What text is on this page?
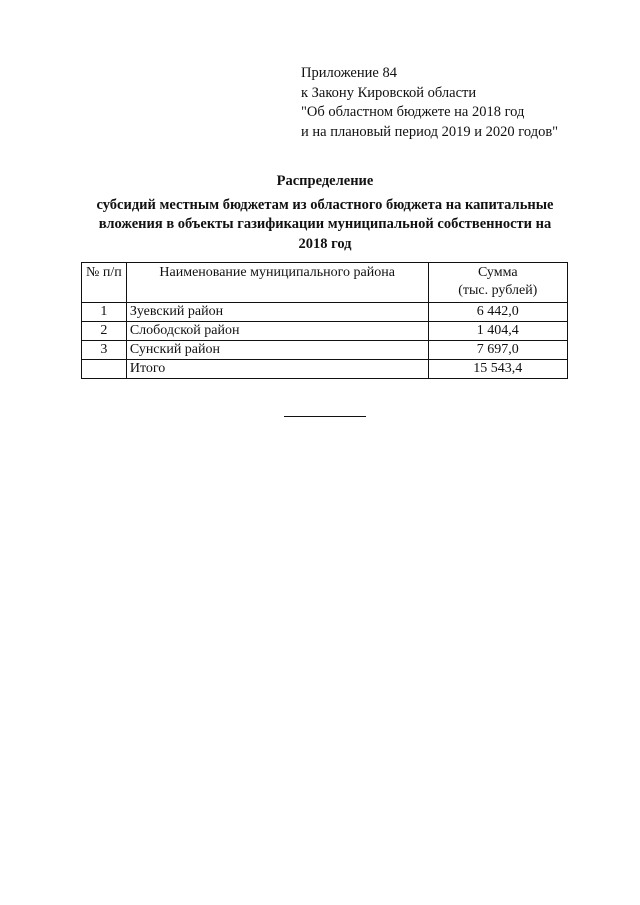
Приложение 84
к Закону Кировской области
"Об областном бюджете на 2018 год
и на плановый период 2019 и 2020 годов"
Распределение
субсидий местным бюджетам из областного бюджета на капитальные
вложения в объекты газификации муниципальной собственности на
2018 год
№ п/п	Наименование муниципального района	Сумма
(тыс. рублей)

1	Зуевский район	6 442,0
2	Слободской район	1 404,4
3	Сунский район	7 697,0
	Итого	15 543,4
